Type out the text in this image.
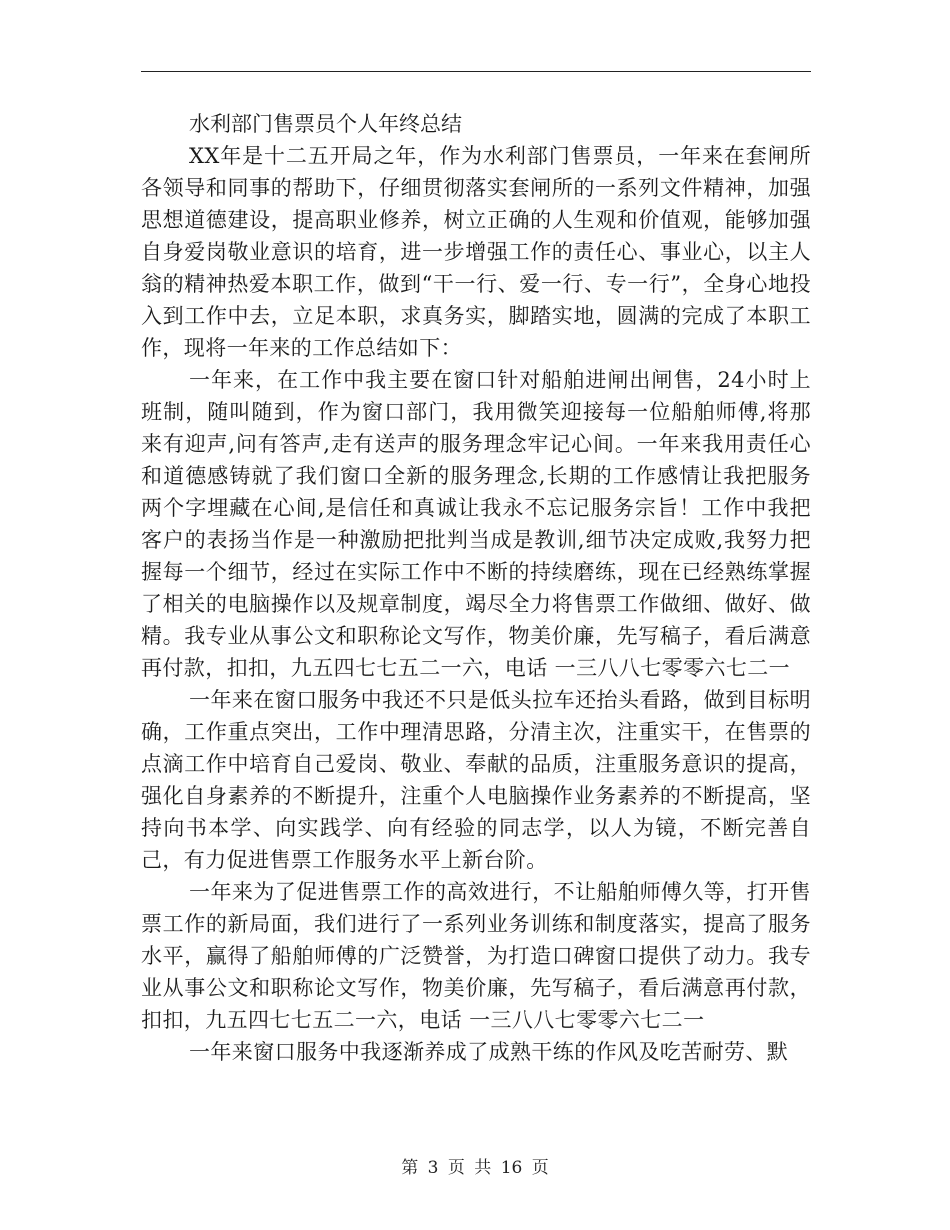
水利部门售票员个人年终总结

XX年是十二五开局之年，作为水利部门售票员，一年来在套闸所各领导和同事的帮助下，仔细贯彻落实套闸所的一系列文件精神，加强思想道德建设，提高职业修养，树立正确的人生观和价值观，能够加强自身爱岗敬业意识的培育，进一步增强工作的责任心、事业心，以主人翁的精神热爱本职工作，做到“干一行、爱一行、专一行”，全身心地投入到工作中去，立足本职，求真务实，脚踏实地，圆满的完成了本职工作，现将一年来的工作总结如下：

一年来，在工作中我主要在窗口针对船舶进闸出闸售，24小时上班制，随叫随到，作为窗口部门，我用微笑迎接每一位船舶师傅,将那来有迎声,问有答声,走有送声的服务理念牢记心间。一年来我用责任心和道德感铸就了我们窗口全新的服务理念,长期的工作感情让我把服务两个字埋藏在心间,是信任和真诚让我永不忘记服务宗旨！工作中我把客户的表扬当作是一种激励把批判当成是教训,细节决定成败,我努力把握每一个细节，经过在实际工作中不断的持续磨练，现在已经熟练掌握了相关的电脑操作以及规章制度，竭尽全力将售票工作做细、做好、做精。我专业从事公文和职称论文写作，物美价廉，先写稿子，看后满意再付款，扣扣，九五四七七五二一六，电话 一三八八七零零六七二一

一年来在窗口服务中我还不只是低头拉车还抬头看路，做到目标明确，工作重点突出，工作中理清思路，分清主次，注重实干，在售票的点滴工作中培育自己爱岗、敬业、奉献的品质，注重服务意识的提高，强化自身素养的不断提升，注重个人电脑操作业务素养的不断提高，坚持向书本学、向实践学、向有经验的同志学，以人为镜，不断完善自己，有力促进售票工作服务水平上新台阶。

一年来为了促进售票工作的高效进行，不让船舶师傅久等，打开售票工作的新局面，我们进行了一系列业务训练和制度落实，提高了服务水平，赢得了船舶师傅的广泛赞誉，为打造口碑窗口提供了动力。我专业从事公文和职称论文写作，物美价廉，先写稿子，看后满意再付款，扣扣，九五四七七五二一六，电话 一三八八七零零六七二一

一年来窗口服务中我逐渐养成了成熟干练的作风及吃苦耐劳、默

第 3 页 共 16 页
